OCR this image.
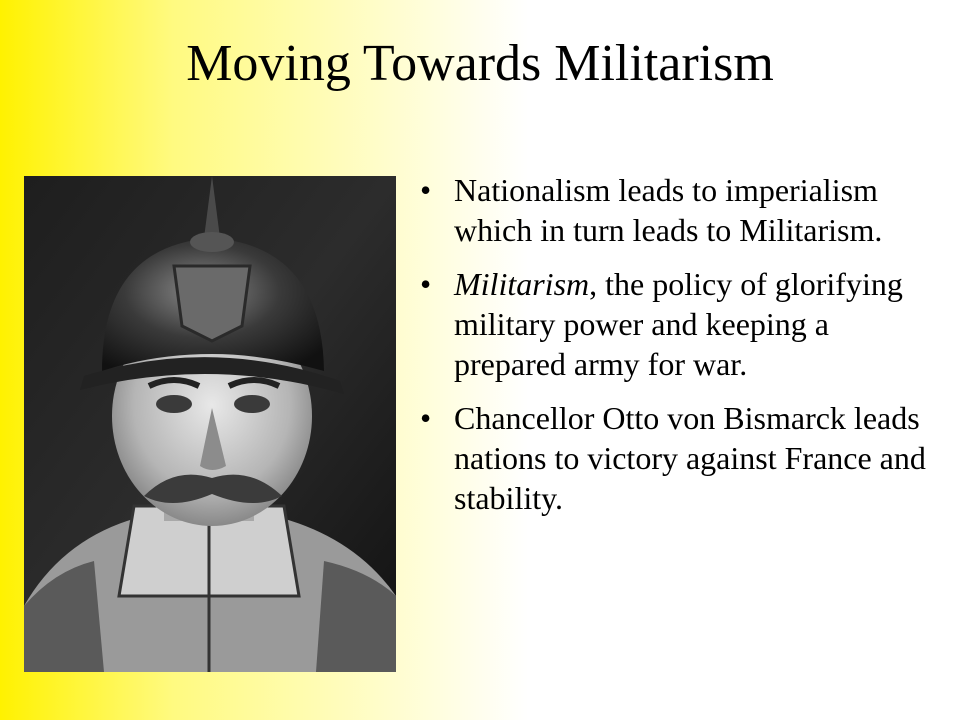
Moving Towards Militarism
• Nationalism leads to imperialism which in turn leads to Militarism.
• Militarism, the policy of glorifying military power and keeping a prepared army for war.
• Chancellor Otto von Bismarck leads nations to victory against France and stability.
